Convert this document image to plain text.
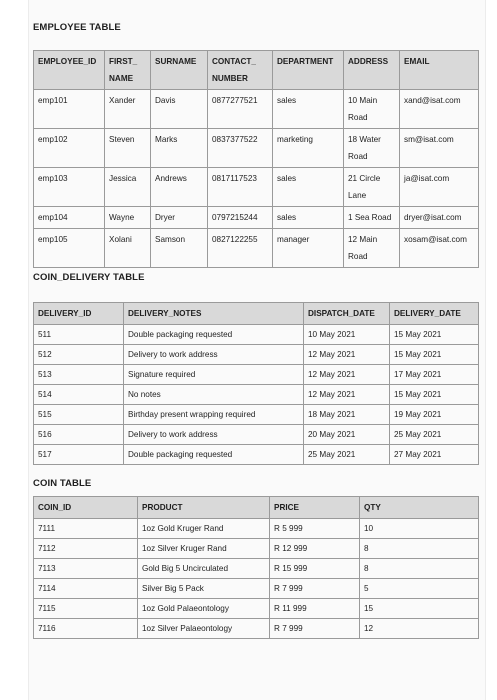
EMPLOYEE TABLE
EMPLOYEE_ID	FIRST_ NAME	SURNAME	CONTACT_ NUMBER	DEPARTMENT	ADDRESS	EMAIL
emp101	Xander	Davis	0877277521	sales	10 Main Road	xand@isat.com
emp102	Steven	Marks	0837377522	marketing	18 Water Road	sm@isat.com
emp103	Jessica	Andrews	0817117523	sales	21 Circle Lane	ja@isat.com
emp104	Wayne	Dryer	0797215244	sales	1 Sea Road	dryer@isat.com
emp105	Xolani	Samson	0827122255	manager	12 Main Road	xosam@isat.com
COIN_DELIVERY TABLE
DELIVERY_ID	DELIVERY_NOTES	DISPATCH_DATE	DELIVERY_DATE
511	Double packaging requested	10 May 2021	15 May 2021
512	Delivery to work address	12 May 2021	15 May 2021
513	Signature required	12 May 2021	17 May 2021
514	No notes	12 May 2021	15 May 2021
515	Birthday present wrapping required	18 May 2021	19 May 2021
516	Delivery to work address	20 May 2021	25 May 2021
517	Double packaging requested	25 May 2021	27 May 2021
COIN TABLE
COIN_ID	PRODUCT	PRICE	QTY
7111	1oz Gold Kruger Rand	R 5 999	10
7112	1oz Silver Kruger Rand	R 12 999	8
7113	Gold Big 5 Uncirculated	R 15 999	8
7114	Silver Big 5 Pack	R 7 999	5
7115	1oz Gold Palaeontology	R 11 999	15
7116	1oz Silver Palaeontology	R 7 999	12
